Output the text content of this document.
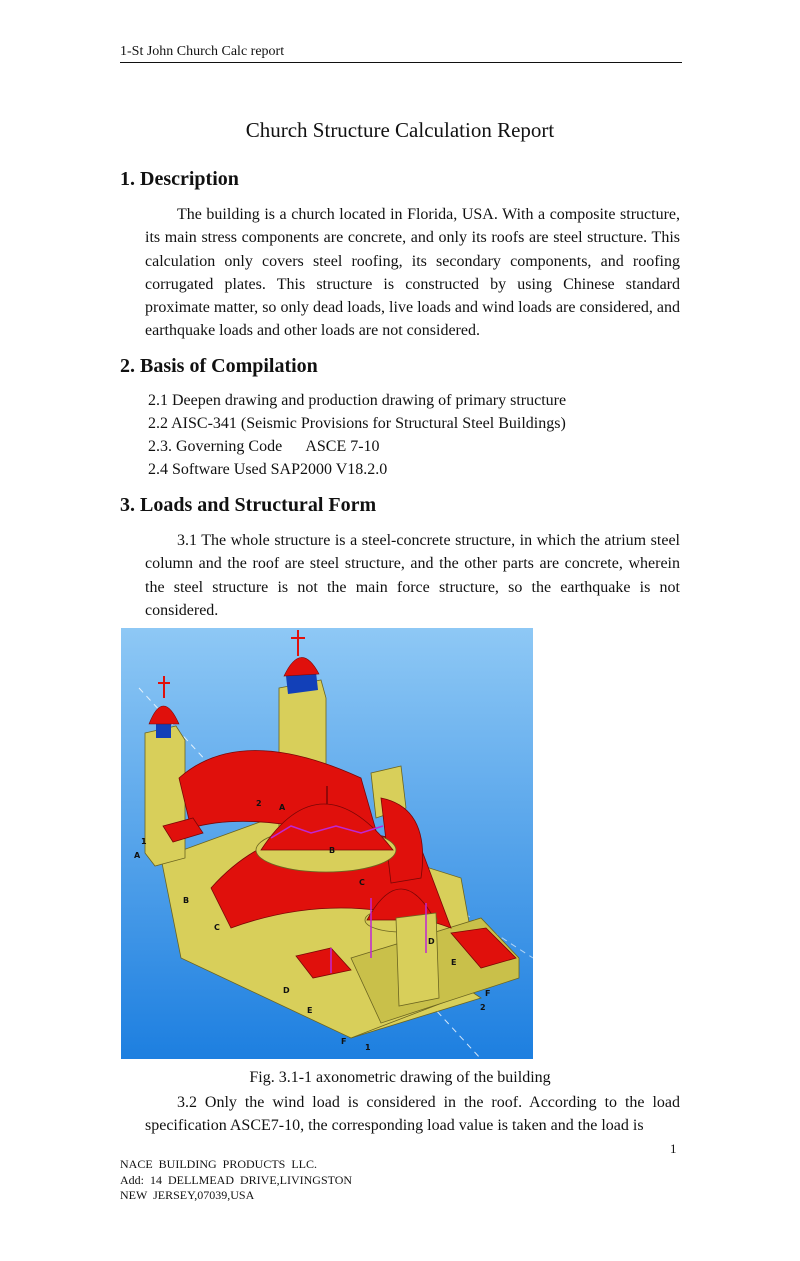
1-St John Church Calc report
Church Structure Calculation Report
1. Description

The building is a church located in Florida, USA. With a composite structure, its main stress components are concrete, and only its roofs are steel structure. This calculation only covers steel roofing, its secondary components, and roofing corrugated plates. This structure is constructed by using Chinese standard proximate matter, so only dead loads, live loads and wind loads are considered, and earthquake loads and other loads are not considered.

2. Basis of Compilation
2.1 Deepen drawing and production drawing of primary structure
2.2 AISC-341 (Seismic Provisions for Structural Steel Buildings)
2.3. Governing Code      ASCE 7-10
2.4 Software Used SAP2000 V18.2.0
3. Loads and Structural Form

3.1 The whole structure is a steel-concrete structure, in which the atrium steel column and the roof are steel structure, and the other parts are concrete, wherein the steel structure is not the main force structure, so the earthquake is not considered.

1
2
A
A
B
B
C
C
D
D
E
E
F
F
1
2
Fig. 3.1-1 axonometric drawing of the building

3.2 Only the wind load is considered in the roof. According to the load specification ASCE7-10, the corresponding load value is taken and the load is

1
NACE  BUILDING  PRODUCTS  LLC.
Add:  14  DELLMEAD  DRIVE,LIVINGSTON
NEW  JERSEY,07039,USA
